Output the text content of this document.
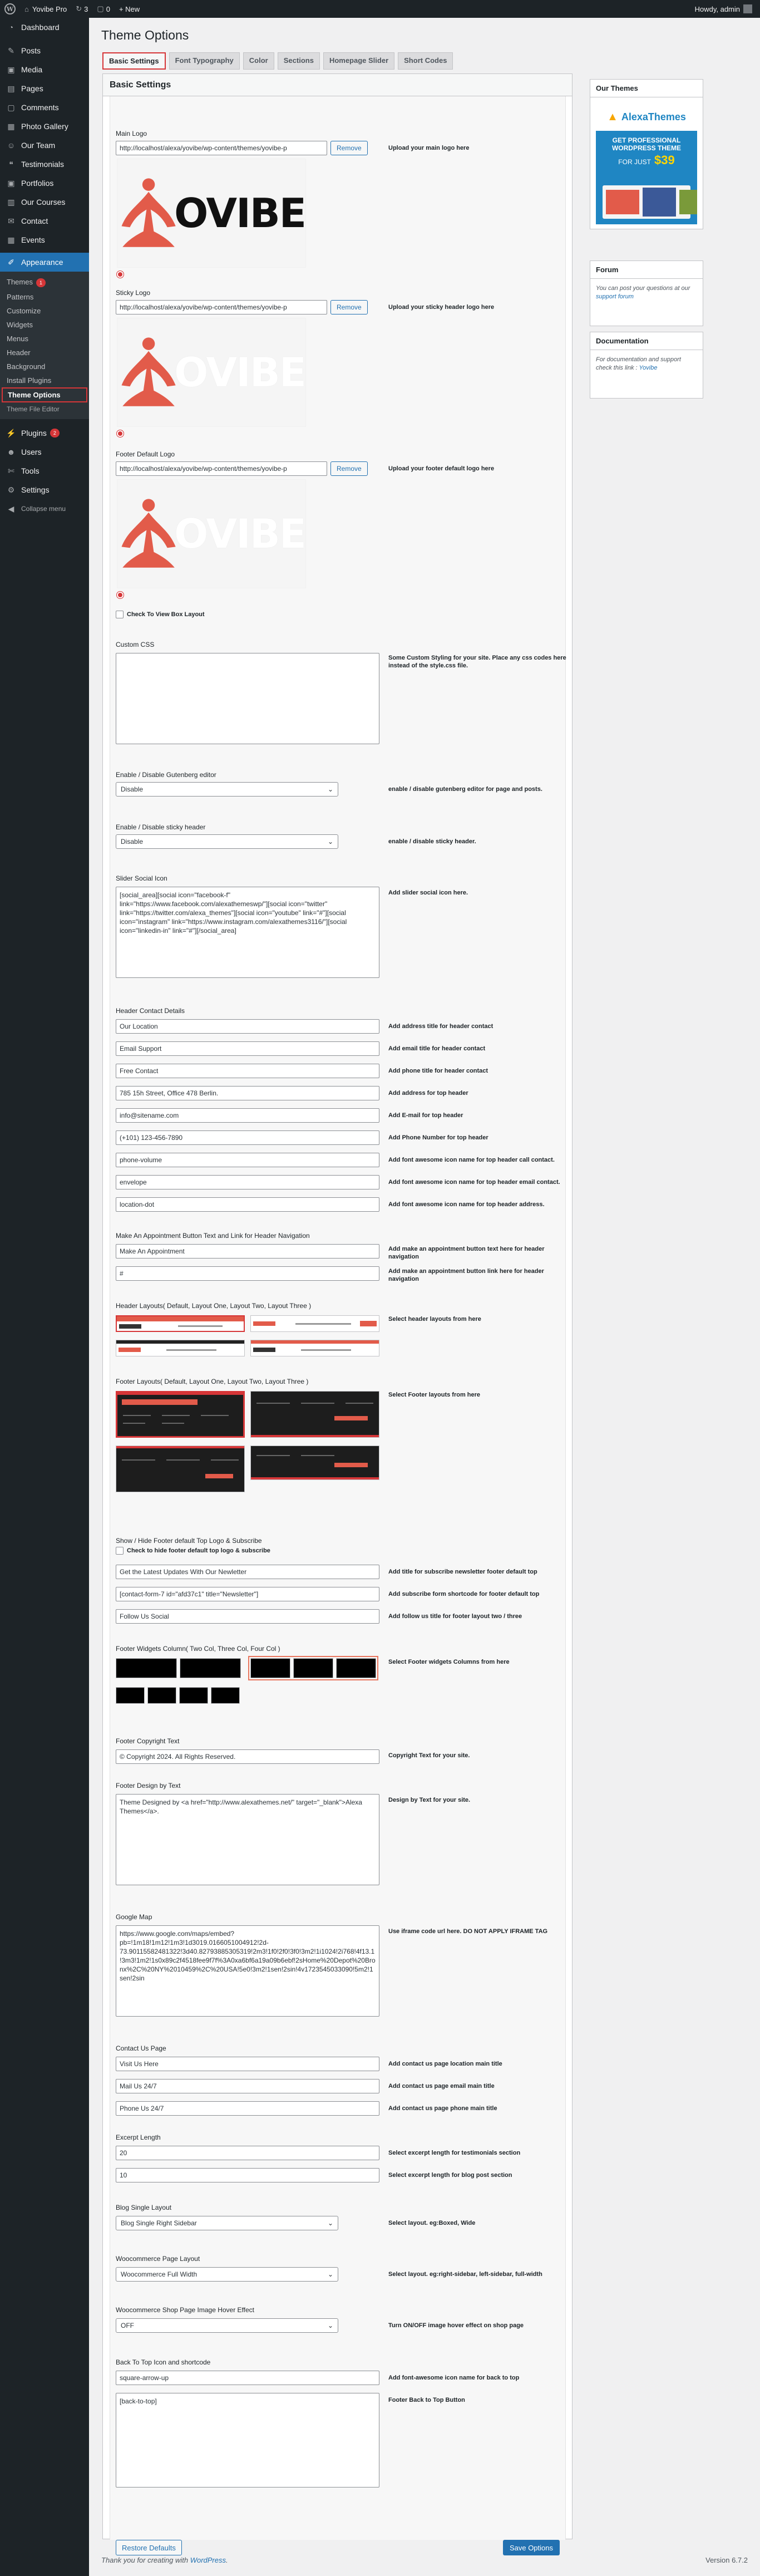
W ⌂ Yovibe Pro ↻ 3 ▢ 0 + New	Howdy, admin
◔ Dashboard
✎ Posts
▣ Media
▤ Pages
▢ Comments
▦ Photo Gallery
☺ Our Team
❝	Testimonials
▣ Portfolios
▥ Our Courses
✉ Contact
▦ Events
✐ Appearance
Themes 1
Patterns
Customize
Widgets
Menus
Header
Background
Install Plugins
Theme Options
Theme File Editor
⚡ Plugins	2
☻ Users
✄ Tools
⚙ Settings
◀	Collapse menu
Theme Options
Basic Settings	Font Typography	Color	Sections	Homepage Slider	Short Codes
Basic Settings
Main Logo
http://localhost/alexa/yovibe/wp-content/themes/yovibe-p	Remove	Upload your main logo here
OVIBE
Sticky Logo
http://localhost/alexa/yovibe/wp-content/themes/yovibe-p	Remove	Upload your sticky header logo here
OVIBE
Footer Default Logo
http://localhost/alexa/yovibe/wp-content/themes/yovibe-p	Remove	Upload your footer default logo here
OVIBE
Check To View Box Layout
Custom CSS
Some Custom Styling for your site. Place any css codes here instead of the style.css file.
Enable / Disable Gutenberg editor
Disable	⌄	enable / disable gutenberg editor for page and posts.
Enable / Disable sticky header
Disable	⌄	enable / disable sticky header.
Slider Social Icon
[social_area][social icon="facebook-f" link="https://www.facebook.com/alexathemeswp/"][social icon="twitter" link="https://twitter.com/alexa_themes"][social icon="youtube" link="#"][social icon="instagram" link="https://www.instagram.com/alexathemes3116/"][social icon="linkedin-in" link="#"][/social_area]
Add slider social icon here.
Header Contact Details
Our Location
Add address title for header contact
Email Support
Add email title for header contact
Free Contact
Add phone title for header contact
785 15h Street, Office 478 Berlin.
Add address for top header
info@sitename.com
Add E-mail for top header
(+101) 123-456-7890
Add Phone Number for top header
phone-volume
Add font awesome icon name for top header call contact.
envelope
Add font awesome icon name for top header email contact.
location-dot
Add font awesome icon name for top header address.
Make An Appointment Button Text and Link for Header Navigation
Make An Appointment
Add make an appointment button text here for header navigation
#
Add make an appointment button link here for header navigation
Header Layouts( Default, Layout One, Layout Two, Layout Three )
Select header layouts from here
Footer Layouts( Default, Layout One, Layout Two, Layout Three )
Select Footer layouts from here
Show / Hide Footer default Top Logo & Subscribe
Check to hide footer default top logo & subscribe
Get the Latest Updates With Our Newletter
Add title for subscribe newsletter footer default top
[contact-form-7 id="afd37c1" title="Newsletter"]
Add subscribe form shortcode for footer default top
Follow Us Social
Add follow us title for footer layout two / three
Footer Widgets Column( Two Col, Three Col, Four Col )
Select Footer widgets Columns from here
Footer Copyright Text
© Copyright 2024. All Rights Reserved.
Copyright Text for your site.
Footer Design by Text
Theme Designed by <a href="http://www.alexathemes.net/" target="_blank">Alexa Themes</a>.
Design by Text for your site.
Google Map
https://www.google.com/maps/embed?pb=!1m18!1m12!1m3!1d3019.0166051004912!2d-73.90115582481322!3d40.82793885305319!2m3!1f0!2f0!3f0!3m2!1i1024!2i768!4f13.1!3m3!1m2!1s0x89c2f4518fee9f7f%3A0xa6bf6a19a09b6ebf!2sHome%20Depot%20Bronx%2C%20NY%2010459%2C%20USA!5e0!3m2!1sen!2sin!4v1723545033090!5m2!1sen!2sin
Use iframe code url here. DO NOT APPLY IFRAME TAG
Contact Us Page
Visit Us Here
Add contact us page location main title
Mail Us 24/7
Add contact us page email main title
Phone Us 24/7
Add contact us page phone main title
Excerpt Length
20
Select excerpt length for testimonials section
10
Select excerpt length for blog post section
Blog Single Layout
Blog Single Right Sidebar	⌄	Select layout. eg:Boxed, Wide
Woocommerce Page Layout
Woocommerce Full Width	⌄	Select layout. eg:right-sidebar, left-sidebar, full-width
Woocommerce Shop Page Image Hover Effect
OFF	⌄	Turn ON/OFF image hover effect on shop page
Back To Top Icon and shortcode
square-arrow-up
Add font-awesome icon name for back to top
[back-to-top]
Footer Back to Top Button
Restore Defaults	Save Options
Our Themes
▲ AlexaThemes
GET PROFESSIONAL WORDPRESS THEME
FOR JUST $39
Forum
You can post your questions at our support forum
Documentation
For documentation and support check this link : Yovibe
Thank you for creating with WordPress.	Version 6.7.2
